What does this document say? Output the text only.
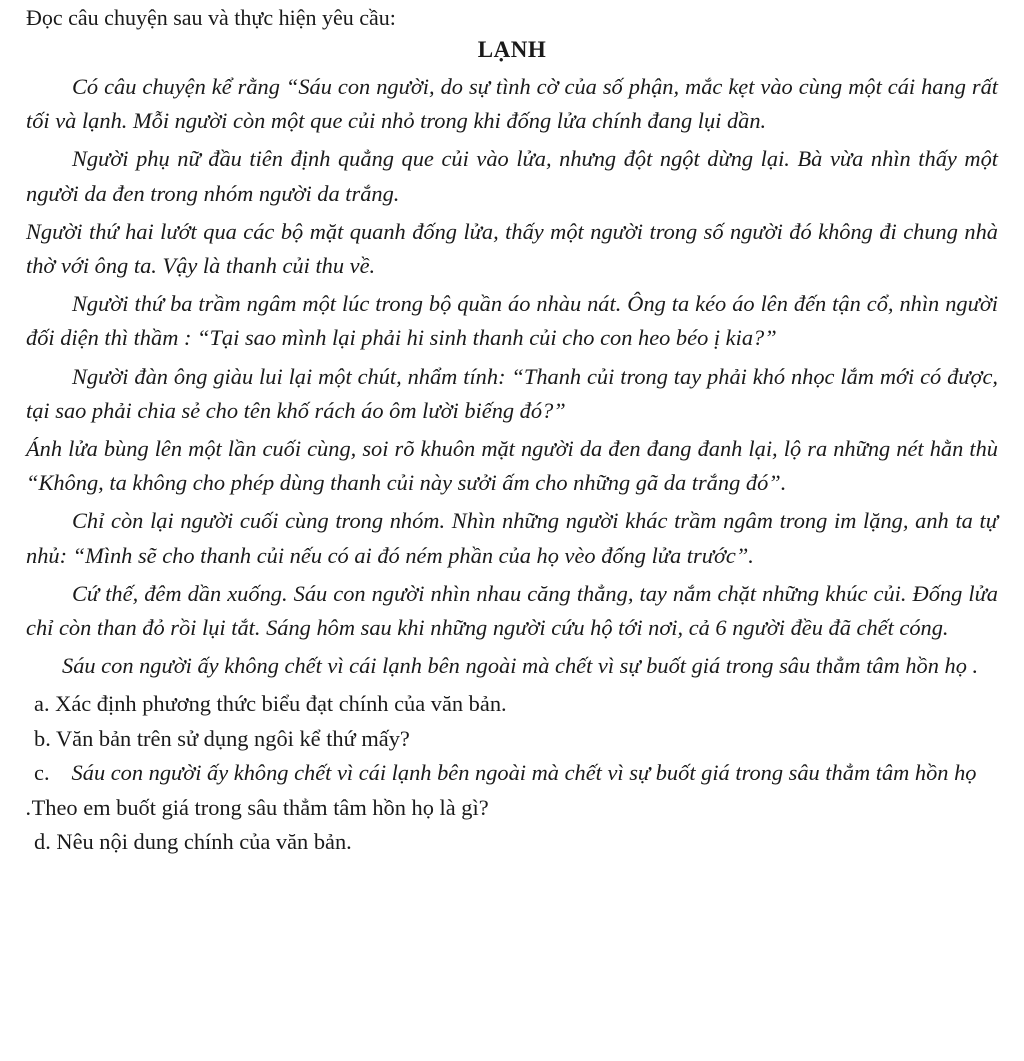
Đọc câu chuyện sau và thực hiện yêu cầu:

LẠNH

Có câu chuyện kể rằng “Sáu con người, do sự tình cờ của số phận, mắc kẹt vào cùng một cái hang rất tối và lạnh. Mỗi người còn một que củi nhỏ trong khi đống lửa chính đang lụi dần.

Người phụ nữ đầu tiên định quẳng que củi vào lửa, nhưng đột ngột dừng lại. Bà vừa nhìn thấy một người da đen trong nhóm người da trắng.

Người thứ hai lướt qua các bộ mặt quanh đống lửa, thấy một người trong số người đó không đi chung nhà thờ với ông ta. Vậy là thanh củi thu về.

Người thứ ba trầm ngâm một lúc trong bộ quần áo nhàu nát. Ông ta kéo áo lên đến tận cổ, nhìn người đối diện thì thầm : “Tại sao mình lại phải hi sinh thanh củi cho con heo béo ị kia?”

Người đàn ông giàu lui lại một chút, nhẩm tính: “Thanh củi trong tay phải khó nhọc lắm mới có được, tại sao phải chia sẻ cho tên khố rách áo ôm lười biếng đó?”

Ánh lửa bùng lên một lần cuối cùng, soi rõ khuôn mặt người da đen đang đanh lại, lộ ra những nét hằn thù “Không, ta không cho phép dùng thanh củi này sưởi ấm cho những gã da trắng đó”.

Chỉ còn lại người cuối cùng trong nhóm. Nhìn những người khác trầm ngâm trong im lặng, anh ta tự nhủ: “Mình sẽ cho thanh củi nếu có ai đó ném phần của họ vèo đống lửa trước”.

Cứ thế, đêm dần xuống. Sáu con người nhìn nhau căng thẳng, tay nắm chặt những khúc củi. Đống lửa chỉ còn than đỏ rồi lụi tắt. Sáng hôm sau khi những người cứu hộ tới nơi, cả 6 người đều đã chết cóng.

Sáu con người ấy không chết vì cái lạnh bên ngoài mà chết vì sự buốt giá trong sâu thẳm tâm hồn họ .

a. Xác định phương thức biểu đạt chính của văn bản.

b. Văn bản trên sử dụng ngôi kể thứ mấy?

c. Sáu con người ấy không chết vì cái lạnh bên ngoài mà chết vì sự buốt giá trong sâu thẳm tâm hồn họ .Theo em buốt giá trong sâu thẳm tâm hồn họ là gì?

d. Nêu nội dung chính của văn bản.
